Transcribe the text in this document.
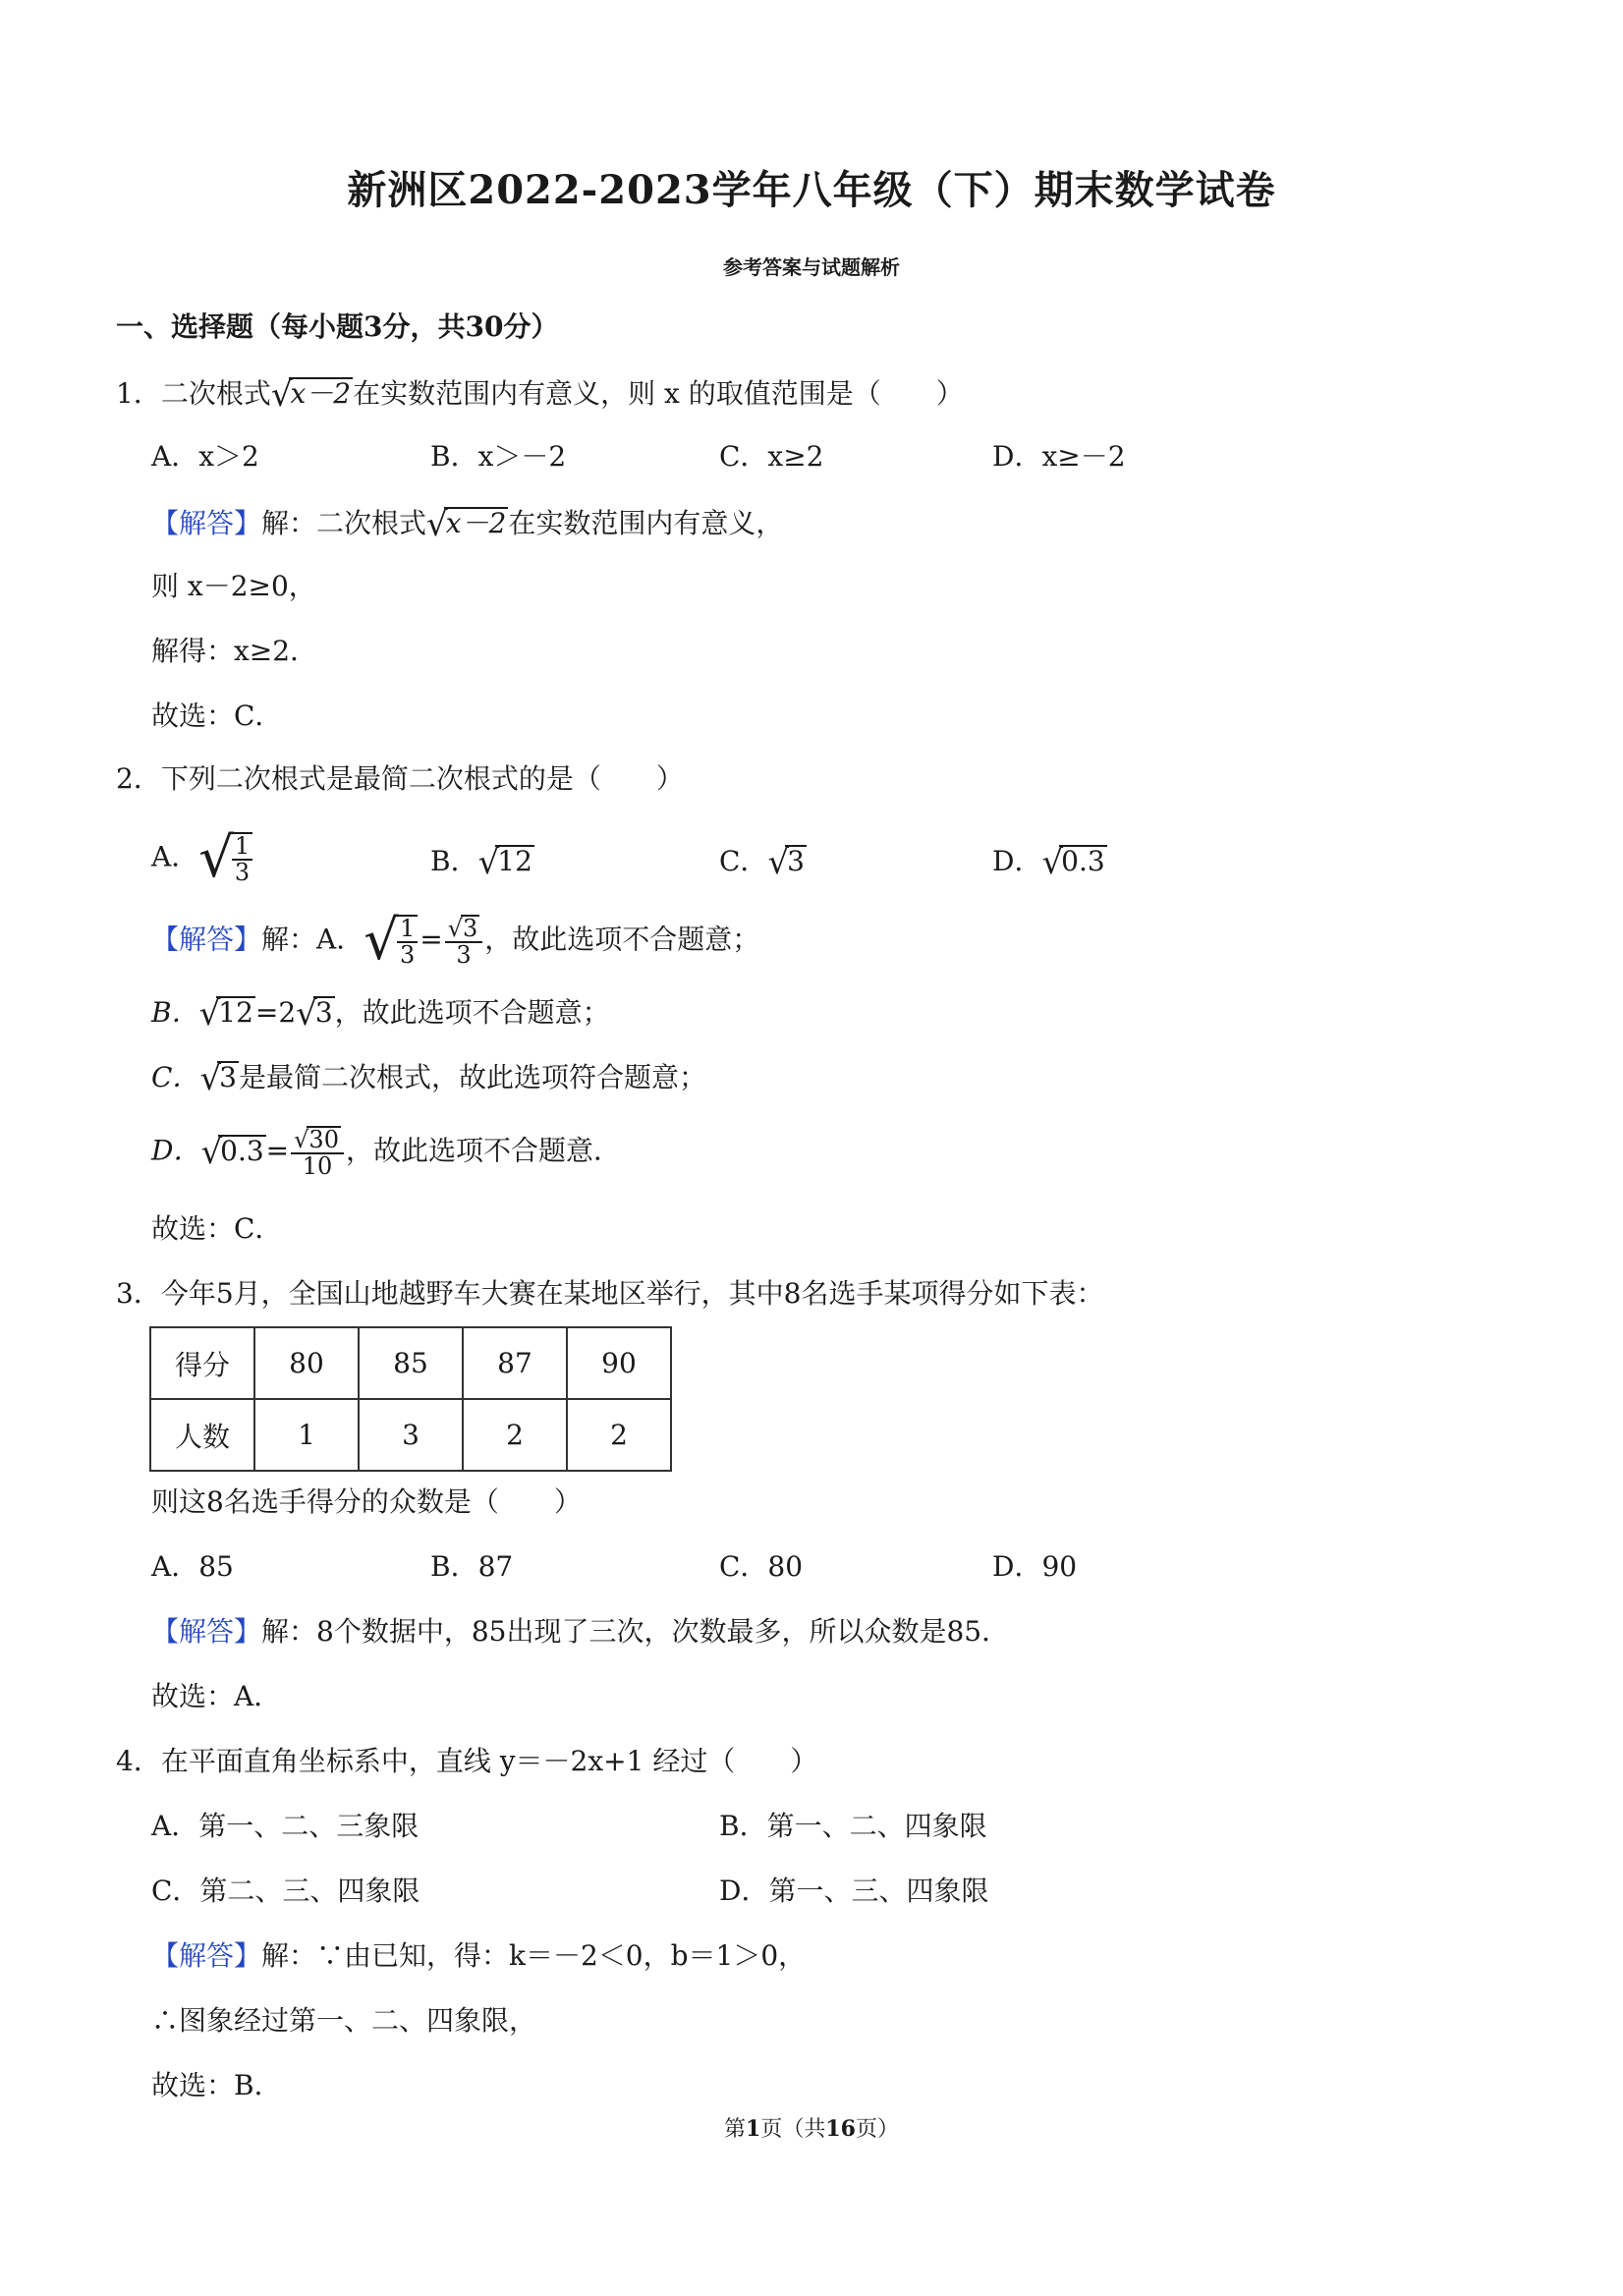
新洲区2022-2023学年八年级（下）期末数学试卷
参考答案与试题解析
一、选择题（每小题3分，共30分）
1．二次根式√x－2在实数范围内有意义，则 x 的取值范围是（　　）
A．x＞2	B．x＞－2	C．x≥2	D．x≥－2
【解答】解：二次根式√x－2在实数范围内有意义，
则 x－2≥0，
解得：x≥2．
故选：C．
2．下列二次根式是最简二次根式的是（　　）
A．√
$\frac{1}{3}$	B．√12	C．√3	D．√0.3
【解答】解：A．√
$\frac{1}{3} = \frac{√3}{3}$ ，故此选项不合题意；
B．√12=2√3，故此选项不合题意；
C．√3是最简二次根式，故此选项符合题意；
D．$√0.3= \frac{√30}{10}$ ，故此选项不合题意．
故选：C．
3．今年5月，全国山地越野车大赛在某地区举行，其中8名选手某项得分如下表：
得分	80	85	87	90
人数	1	3	2	2
则这8名选手得分的众数是（　　）
A．85	B．87	C．80	D．90
【解答】解：8个数据中，85出现了三次，次数最多，所以众数是85．
故选：A．
4．在平面直角坐标系中，直线 y＝－2x+1 经过（　　）
A．第一、二、三象限	B．第一、二、四象限
C．第二、三、四象限	D．第一、三、四象限
【解答】解：∵由已知，得：k＝－2＜0，b＝1＞0，
∴图象经过第一、二、四象限，
故选：B．
第1页（共16页）
